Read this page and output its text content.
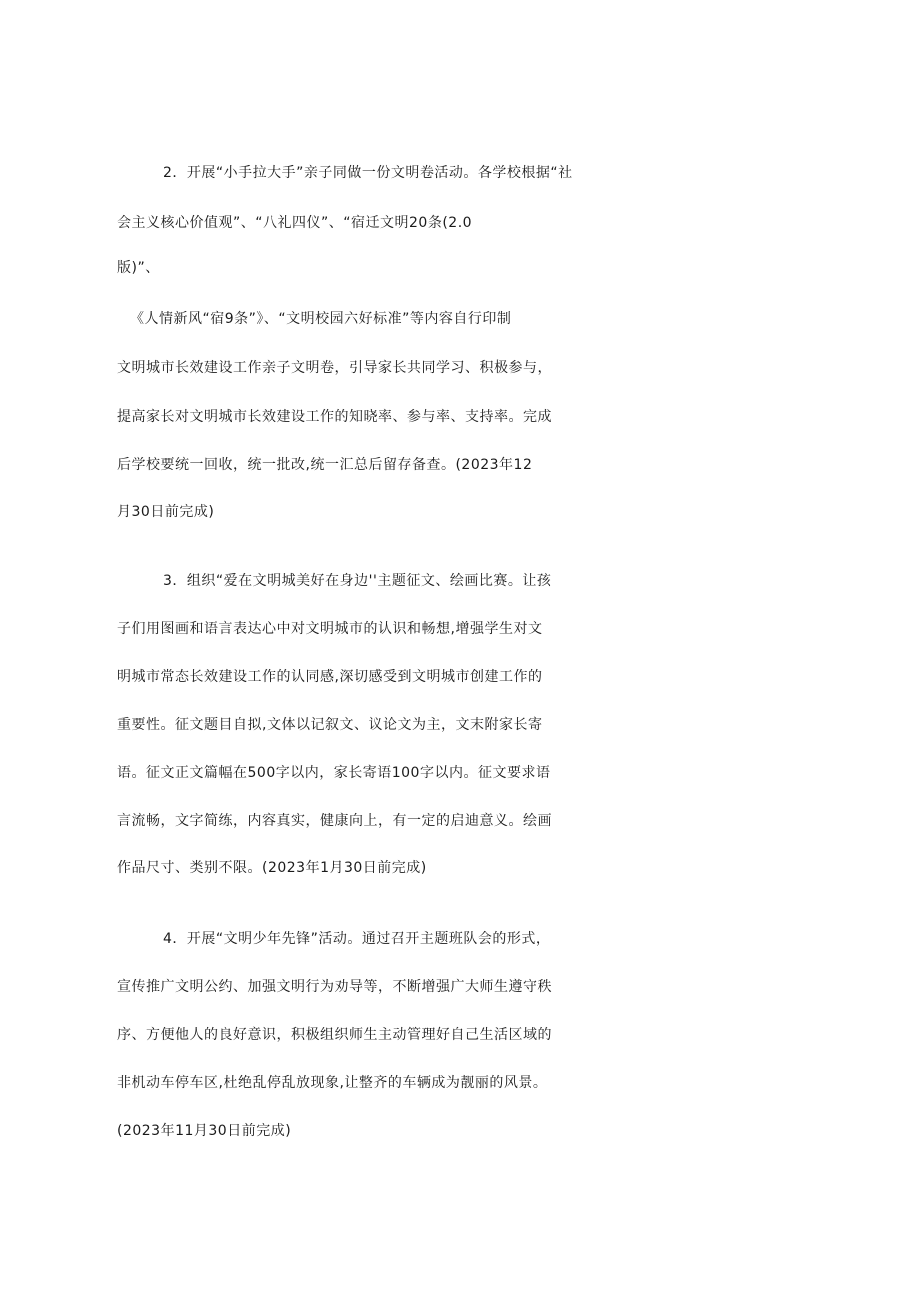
2．开展“小手拉大手”亲子同做一份文明卷活动。各学校根据“社

会主义核心价值观”、“八礼四仪”、“宿迁文明20条(2.0

版)”、

《人情新风“宿9条”》、“文明校园六好标准”等内容自行印制

文明城市长效建设工作亲子文明卷，引导家长共同学习、积极参与，

提高家长对文明城市长效建设工作的知晓率、参与率、支持率。完成

后学校要统一回收，统一批改,统一汇总后留存备查。(2023年12

月30日前完成)

3．组织“爱在文明城美好在身边''主题征文、绘画比赛。让孩

子们用图画和语言表达心中对文明城市的认识和畅想,增强学生对文

明城市常态长效建设工作的认同感,深切感受到文明城市创建工作的

重要性。征文题目自拟,文体以记叙文、议论文为主，文末附家长寄

语。征文正文篇幅在500字以内，家长寄语100字以内。征文要求语

言流畅，文字简练，内容真实，健康向上，有一定的启迪意义。绘画

作品尺寸、类别不限。(2023年1月30日前完成)

4．开展“文明少年先锋”活动。通过召开主题班队会的形式，

宣传推广文明公约、加强文明行为劝导等，不断增强广大师生遵守秩

序、方便他人的良好意识，积极组织师生主动管理好自己生活区域的

非机动车停车区,杜绝乱停乱放现象,让整齐的车辆成为靓丽的风景。

(2023年11月30日前完成)
